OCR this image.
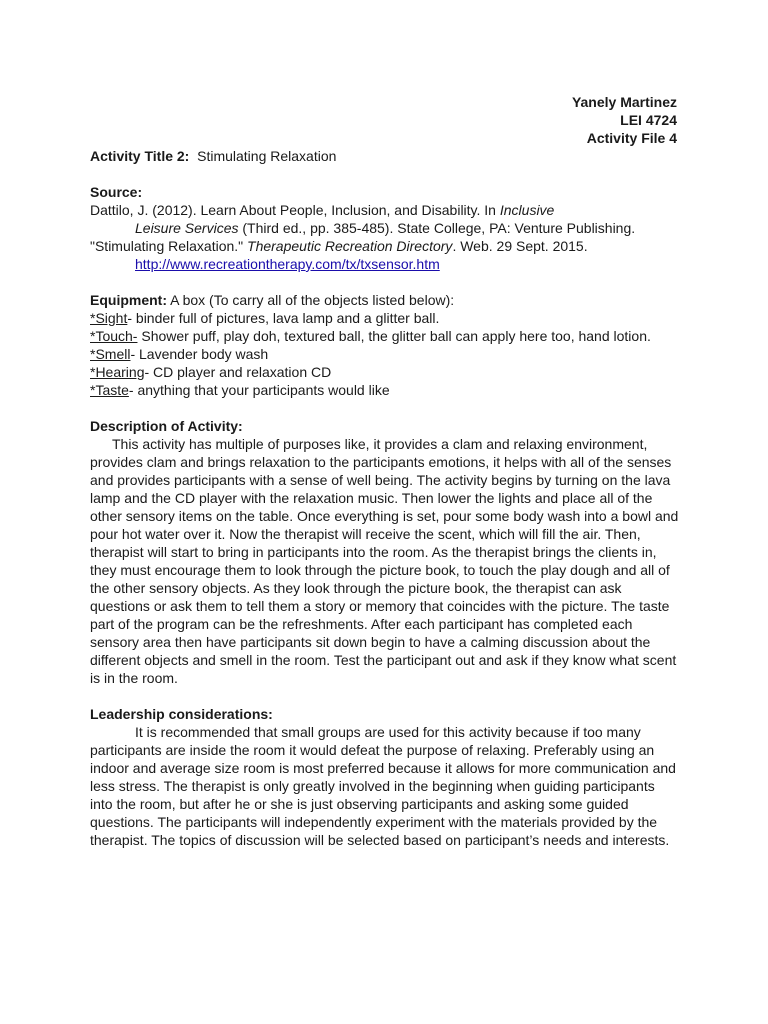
Yanely Martinez
LEI 4724
Activity File 4

Activity Title 2: Stimulating Relaxation

Source:

Dattilo, J. (2012). Learn About People, Inclusion, and Disability. In Inclusive

Leisure Services (Third ed., pp. 385-485). State College, PA: Venture Publishing.

"Stimulating Relaxation." Therapeutic Recreation Directory. Web. 29 Sept. 2015.

http://www.recreationtherapy.com/tx/txsensor.htm

Equipment: A box (To carry all of the objects listed below):

*Sight- binder full of pictures, lava lamp and a glitter ball.

*Touch- Shower puff, play doh, textured ball, the glitter ball can apply here too, hand lotion.

*Smell- Lavender body wash

*Hearing- CD player and relaxation CD

*Taste- anything that your participants would like

Description of Activity:

This activity has multiple of purposes like, it provides a clam and relaxing environment, provides clam and brings relaxation to the participants emotions, it helps with all of the senses and provides participants with a sense of well being. The activity begins by turning on the lava lamp and the CD player with the relaxation music. Then lower the lights and place all of the other sensory items on the table. Once everything is set, pour some body wash into a bowl and pour hot water over it. Now the therapist will receive the scent, which will fill the air. Then, therapist will start to bring in participants into the room. As the therapist brings the clients in, they must encourage them to look through the picture book, to touch the play dough and all of the other sensory objects. As they look through the picture book, the therapist can ask questions or ask them to tell them a story or memory that coincides with the picture. The taste part of the program can be the refreshments. After each participant has completed each sensory area then have participants sit down begin to have a calming discussion about the different objects and smell in the room. Test the participant out and ask if they know what scent is in the room.

Leadership considerations:

It is recommended that small groups are used for this activity because if too many participants are inside the room it would defeat the purpose of relaxing. Preferably using an indoor and average size room is most preferred because it allows for more communication and less stress. The therapist is only greatly involved in the beginning when guiding participants into the room, but after he or she is just observing participants and asking some guided questions. The participants will independently experiment with the materials provided by the therapist. The topics of discussion will be selected based on participant’s needs and interests.
